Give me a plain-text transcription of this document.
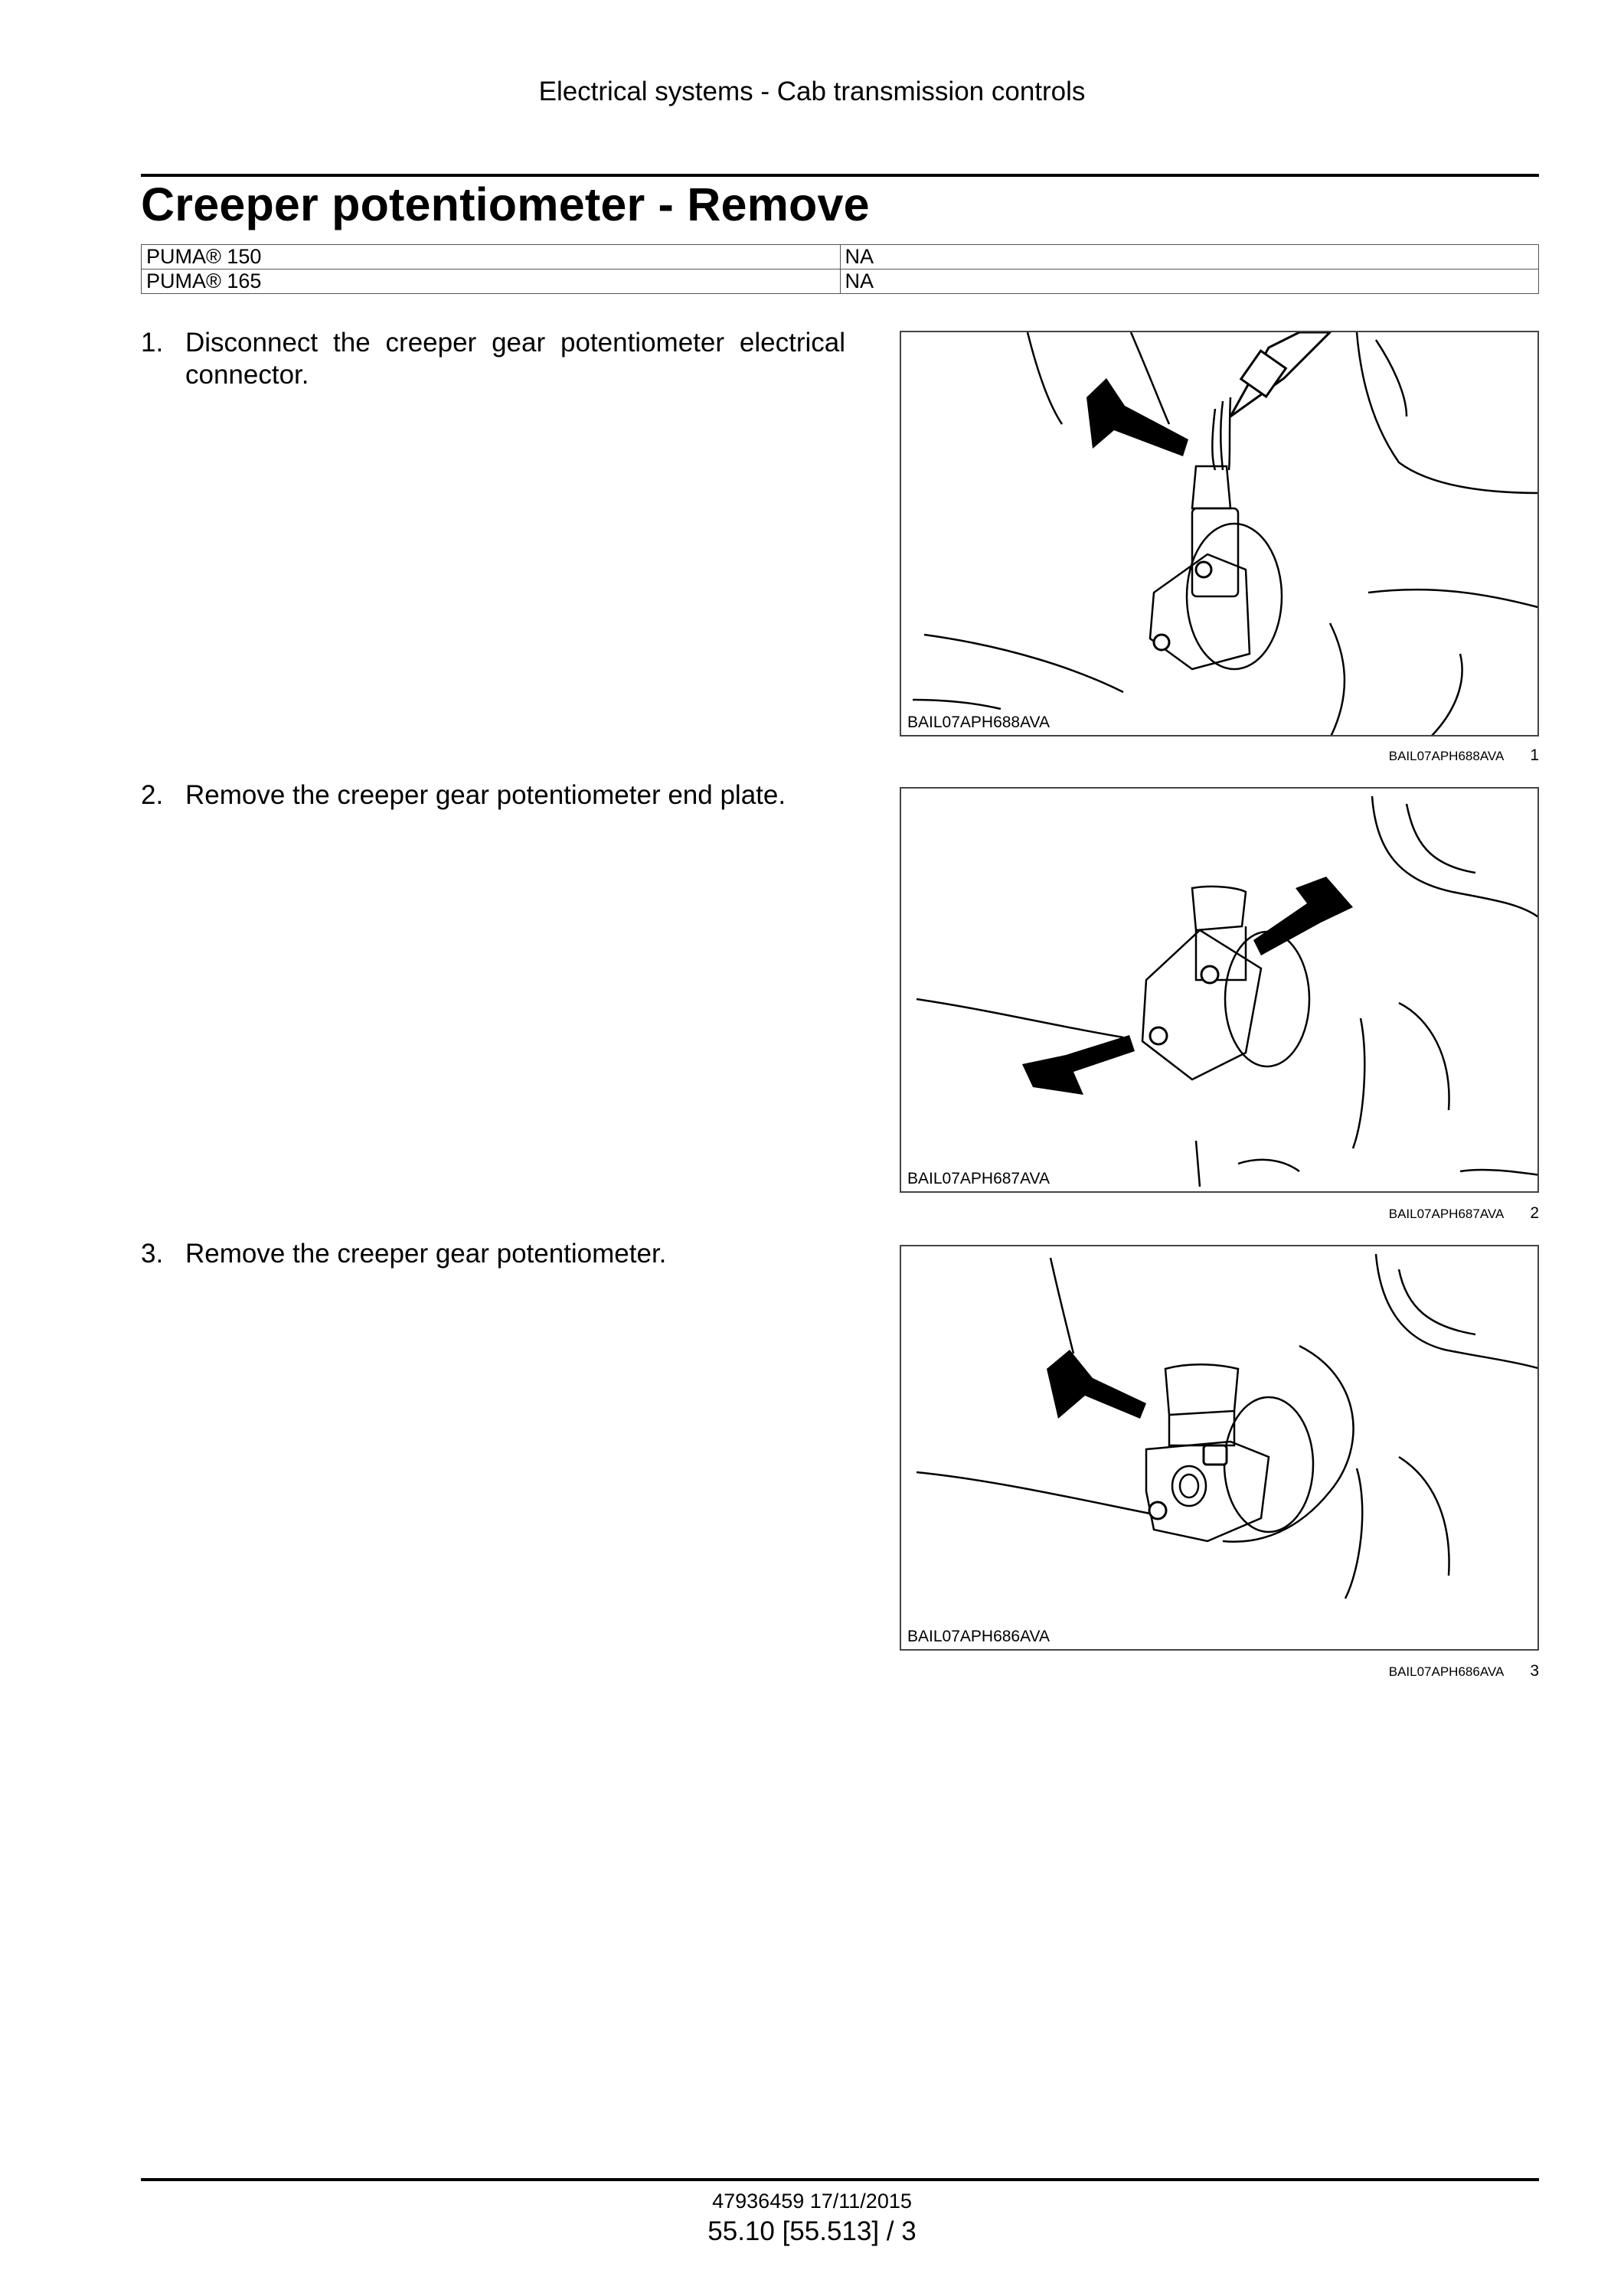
Electrical systems - Cab transmission controls
Creeper potentiometer - Remove
PUMA® 150	NA
PUMA® 165	NA
1. Disconnect the creeper gear potentiometer electrical connector.
BAIL07APH688AVA
BAIL07APH688AVA 1
2. Remove the creeper gear potentiometer end plate.
BAIL07APH687AVA
BAIL07APH687AVA 2
3. Remove the creeper gear potentiometer.
BAIL07APH686AVA
BAIL07APH686AVA 3
47936459 17/11/2015
55.10 [55.513] / 3
